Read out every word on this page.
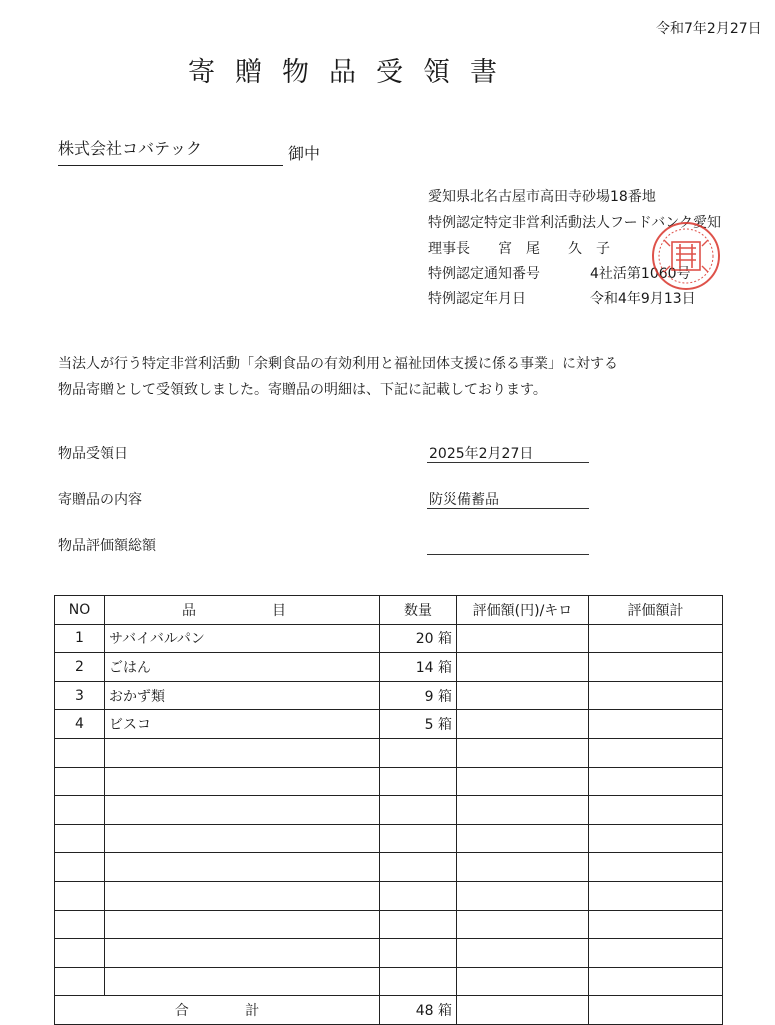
令和7年2月27日
寄贈物品受領書
株式会社コバテック	御中
愛知県北名古屋市高田寺砂場18番地
特例認定特定非営利活動法人フードバンク愛知
理事長　　宮　尾　　久　子
特例認定通知番号	4社活第1060号
特例認定年月日	令和4年9月13日
当法人が行う特定非営利活動「余剰食品の有効利用と福祉団体支援に係る事業」に対する
物品寄贈として受領致しました。寄贈品の明細は、下記に記載しております。
物品受領日	2025年2月27日
寄贈品の内容	防災備蓄品
物品評価額総額
NO	品　　目	数量	評価額(円)/キロ	評価額計
1	サバイバルパン	20 箱		
2	ごはん	14 箱		
3	おかず類	9 箱		
4	ビスコ	5 箱		

合 計		48 箱		
